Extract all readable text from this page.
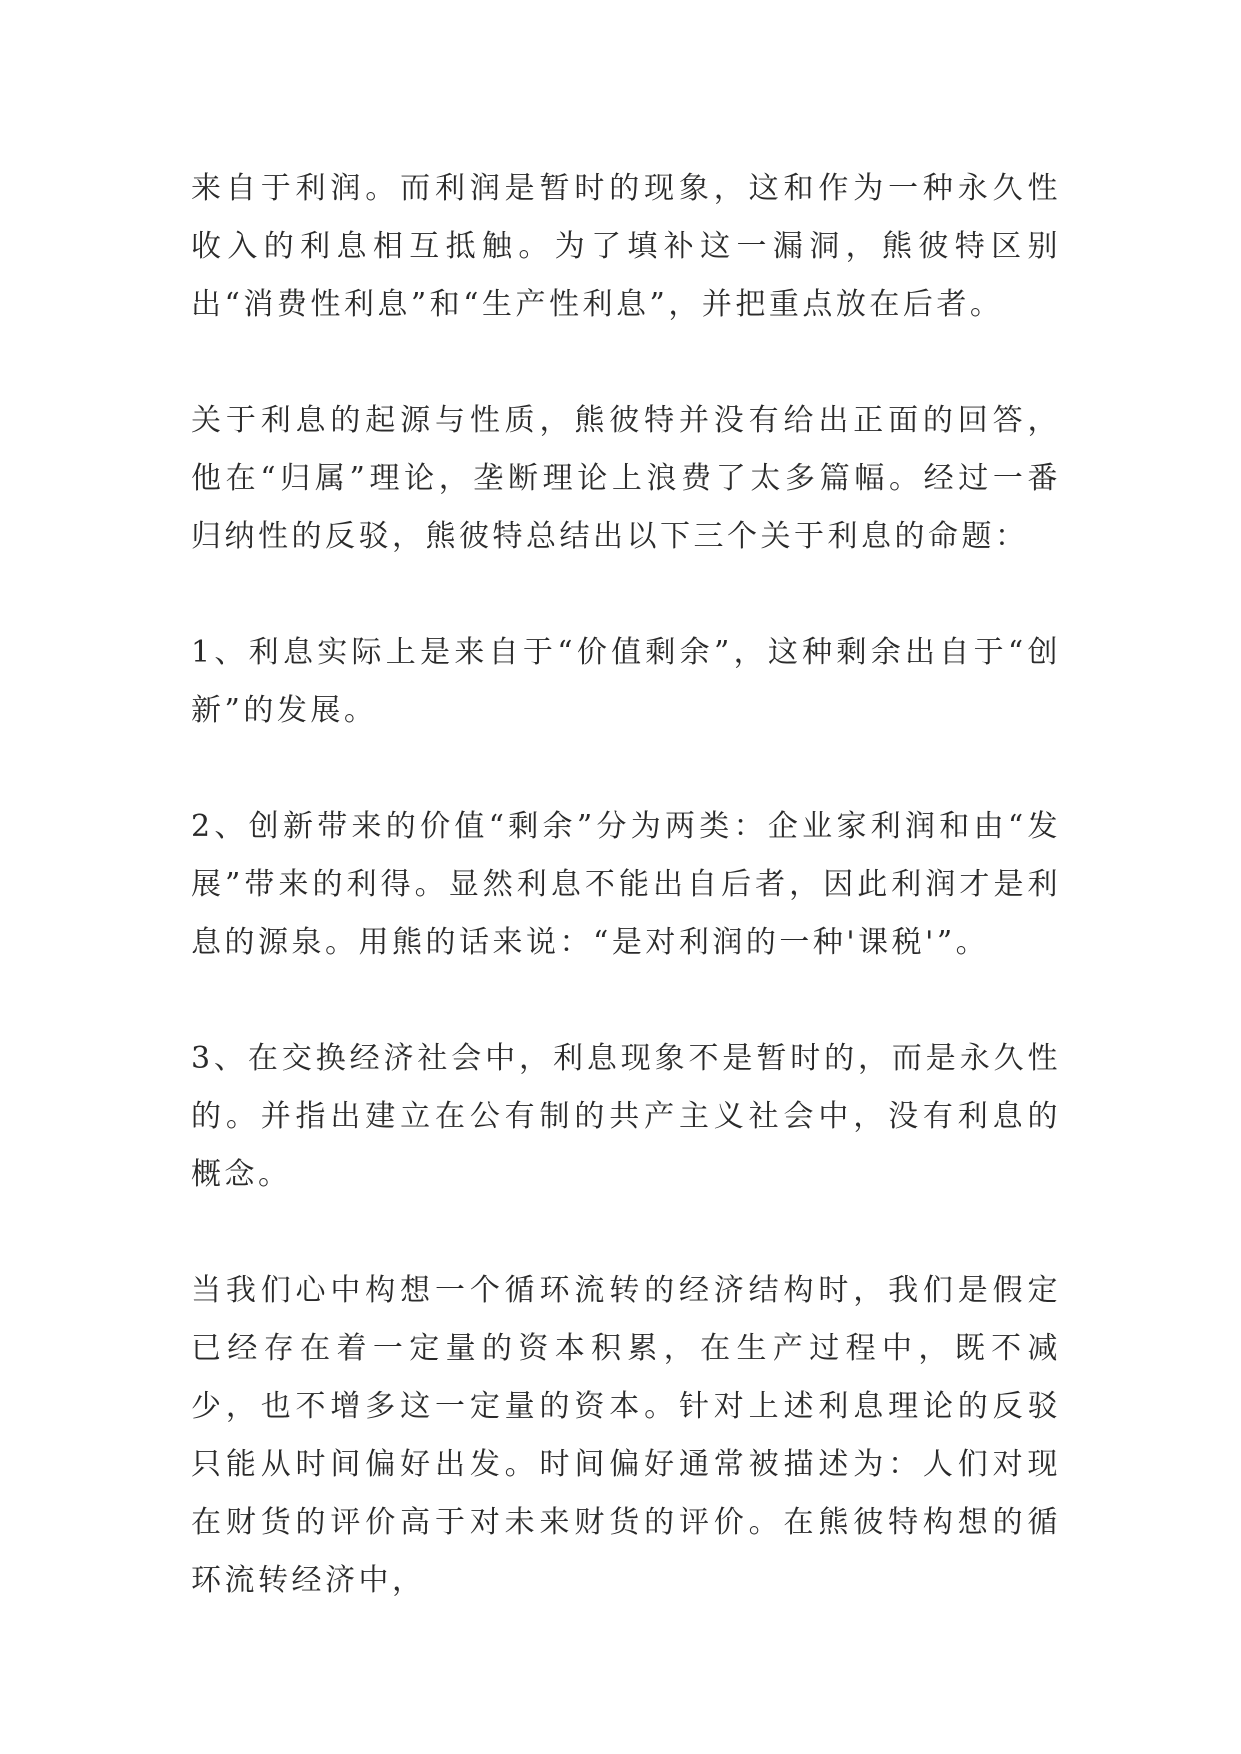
来自于利润。而利润是暂时的现象，这和作为一种永久性收入的利息相互抵触。为了填补这一漏洞，熊彼特区别出“消费性利息”和“生产性利息”，并把重点放在后者。

关于利息的起源与性质，熊彼特并没有给出正面的回答，他在“归属”理论，垄断理论上浪费了太多篇幅。经过一番归纳性的反驳，熊彼特总结出以下三个关于利息的命题：

1、利息实际上是来自于“价值剩余”，这种剩余出自于“创新”的发展。

2、创新带来的价值“剩余”分为两类：企业家利润和由“发展”带来的利得。显然利息不能出自后者，因此利润才是利息的源泉。用熊的话来说：“是对利润的一种'课税'”。

3、在交换经济社会中，利息现象不是暂时的，而是永久性的。并指出建立在公有制的共产主义社会中，没有利息的概念。

当我们心中构想一个循环流转的经济结构时，我们是假定已经存在着一定量的资本积累，在生产过程中，既不减少，也不增多这一定量的资本。针对上述利息理论的反驳只能从时间偏好出发。时间偏好通常被描述为：人们对现在财货的评价高于对未来财货的评价。在熊彼特构想的循环流转经济中，
